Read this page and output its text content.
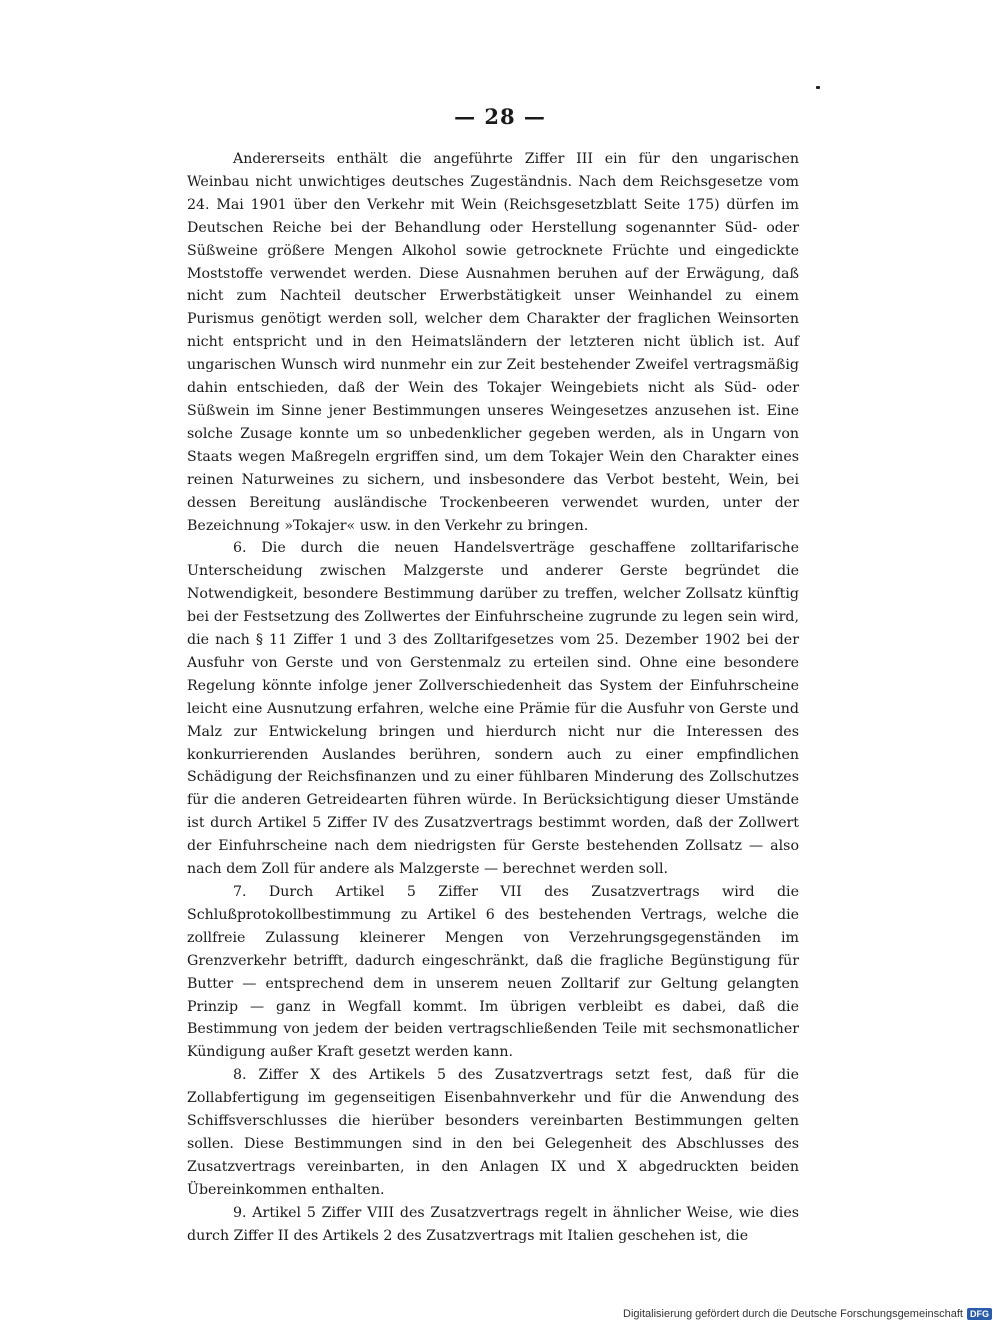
— 28 —

Andererseits enthält die angeführte Ziffer III ein für den ungarischen Weinbau nicht unwichtiges deutsches Zugeständnis. Nach dem Reichsgesetze vom 24. Mai 1901 über den Verkehr mit Wein (Reichsgesetzblatt Seite 175) dürfen im Deutschen Reiche bei der Behandlung oder Herstellung sogenannter Süd- oder Süßweine größere Mengen Alkohol sowie getrocknete Früchte und eingedickte Moststoffe verwendet werden. Diese Ausnahmen beruhen auf der Erwägung, daß nicht zum Nachteil deutscher Erwerbstätigkeit unser Weinhandel zu einem Purismus genötigt werden soll, welcher dem Charakter der fraglichen Weinsorten nicht entspricht und in den Heimatsländern der letzteren nicht üblich ist. Auf ungarischen Wunsch wird nunmehr ein zur Zeit bestehender Zweifel vertragsmäßig dahin entschieden, daß der Wein des Tokajer Weingebiets nicht als Süd- oder Süßwein im Sinne jener Bestimmungen unseres Weingesetzes anzusehen ist. Eine solche Zusage konnte um so unbedenklicher gegeben werden, als in Ungarn von Staats wegen Maßregeln ergriffen sind, um dem Tokajer Wein den Charakter eines reinen Naturweines zu sichern, und insbesondere das Verbot besteht, Wein, bei dessen Bereitung ausländische Trockenbeeren verwendet wurden, unter der Bezeichnung »Tokajer« usw. in den Verkehr zu bringen.

6. Die durch die neuen Handelsverträge geschaffene zolltarifarische Unterscheidung zwischen Malzgerste und anderer Gerste begründet die Notwendigkeit, besondere Bestimmung darüber zu treffen, welcher Zollsatz künftig bei der Festsetzung des Zollwertes der Einfuhrscheine zugrunde zu legen sein wird, die nach § 11 Ziffer 1 und 3 des Zolltarifgesetzes vom 25. Dezember 1902 bei der Ausfuhr von Gerste und von Gerstenmalz zu erteilen sind. Ohne eine besondere Regelung könnte infolge jener Zollverschiedenheit das System der Einfuhrscheine leicht eine Ausnutzung erfahren, welche eine Prämie für die Ausfuhr von Gerste und Malz zur Entwickelung bringen und hierdurch nicht nur die Interessen des konkurrierenden Auslandes berühren, sondern auch zu einer empfindlichen Schädigung der Reichsfinanzen und zu einer fühlbaren Minderung des Zollschutzes für die anderen Getreidearten führen würde. In Berücksichtigung dieser Umstände ist durch Artikel 5 Ziffer IV des Zusatzvertrags bestimmt worden, daß der Zollwert der Einfuhrscheine nach dem niedrigsten für Gerste bestehenden Zollsatz — also nach dem Zoll für andere als Malzgerste — berechnet werden soll.

7. Durch Artikel 5 Ziffer VII des Zusatzvertrags wird die Schlußprotokollbestimmung zu Artikel 6 des bestehenden Vertrags, welche die zollfreie Zulassung kleinerer Mengen von Verzehrungsgegenständen im Grenzverkehr betrifft, dadurch eingeschränkt, daß die fragliche Begünstigung für Butter — entsprechend dem in unserem neuen Zolltarif zur Geltung gelangten Prinzip — ganz in Wegfall kommt. Im übrigen verbleibt es dabei, daß die Bestimmung von jedem der beiden vertragschließenden Teile mit sechsmonatlicher Kündigung außer Kraft gesetzt werden kann.

8. Ziffer X des Artikels 5 des Zusatzvertrags setzt fest, daß für die Zollabfertigung im gegenseitigen Eisenbahnverkehr und für die Anwendung des Schiffsverschlusses die hierüber besonders vereinbarten Bestimmungen gelten sollen. Diese Bestimmungen sind in den bei Gelegenheit des Abschlusses des Zusatzvertrags vereinbarten, in den Anlagen IX und X abgedruckten beiden Übereinkommen enthalten.

9. Artikel 5 Ziffer VIII des Zusatzvertrags regelt in ähnlicher Weise, wie dies durch Ziffer II des Artikels 2 des Zusatzvertrags mit Italien geschehen ist, die

Digitalisierung gefördert durch die Deutsche Forschungsgemeinschaft DFG
